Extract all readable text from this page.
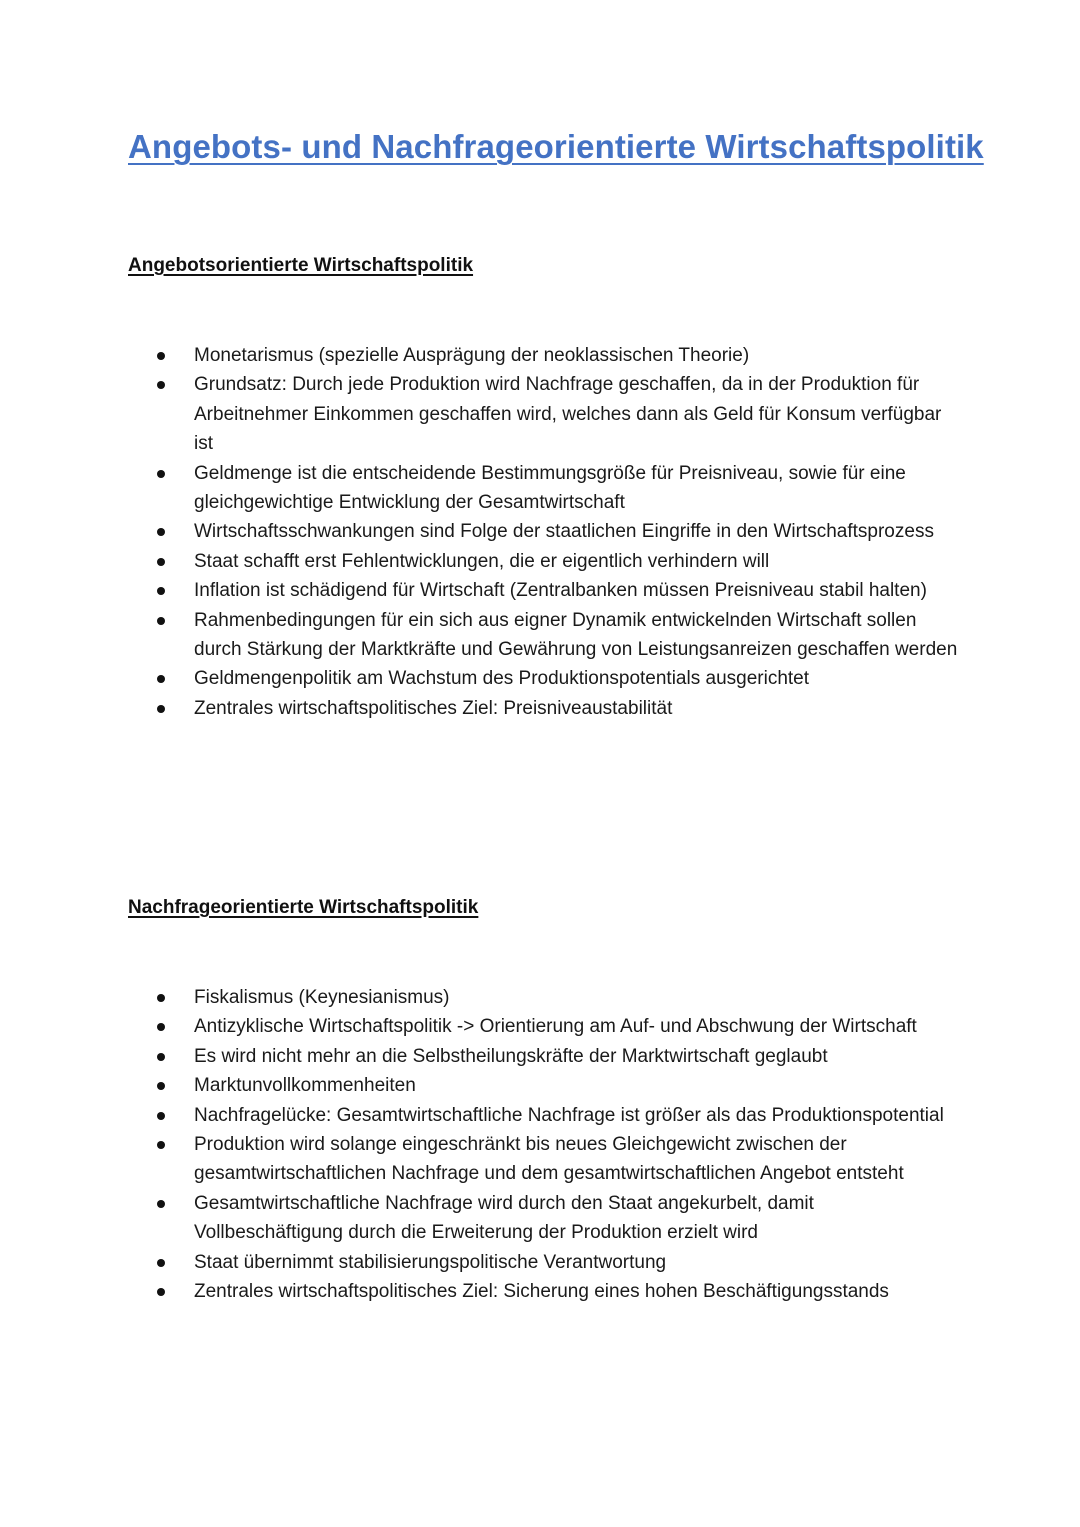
Angebots- und Nachfrageorientierte Wirtschaftspolitik
Angebotsorientierte Wirtschaftspolitik
Monetarismus (spezielle Ausprägung der neoklassischen Theorie)
Grundsatz: Durch jede Produktion wird Nachfrage geschaffen, da in der Produktion für Arbeitnehmer Einkommen geschaffen wird, welches dann als Geld für Konsum verfügbar ist
Geldmenge ist die entscheidende Bestimmungsgröße für Preisniveau, sowie für eine gleichgewichtige Entwicklung der Gesamtwirtschaft
Wirtschaftsschwankungen sind Folge der staatlichen Eingriffe in den Wirtschaftsprozess
Staat schafft erst Fehlentwicklungen, die er eigentlich verhindern will
Inflation ist schädigend für Wirtschaft (Zentralbanken müssen Preisniveau stabil halten)
Rahmenbedingungen für ein sich aus eigner Dynamik entwickelnden Wirtschaft sollen durch Stärkung der Marktkräfte und Gewährung von Leistungsanreizen geschaffen werden
Geldmengenpolitik am Wachstum des Produktionspotentials ausgerichtet
Zentrales wirtschaftspolitisches Ziel: Preisniveaustabilität
Nachfrageorientierte Wirtschaftspolitik
Fiskalismus (Keynesianismus)
Antizyklische Wirtschaftspolitik -> Orientierung am Auf- und Abschwung der Wirtschaft
Es wird nicht mehr an die Selbstheilungskräfte der Marktwirtschaft geglaubt
Marktunvollkommenheiten
Nachfragelücke: Gesamtwirtschaftliche Nachfrage ist größer als das Produktionspotential
Produktion wird solange eingeschränkt bis neues Gleichgewicht zwischen der gesamtwirtschaftlichen Nachfrage und dem gesamtwirtschaftlichen Angebot entsteht
Gesamtwirtschaftliche Nachfrage wird durch den Staat angekurbelt, damit Vollbeschäftigung durch die Erweiterung der Produktion erzielt wird
Staat übernimmt stabilisierungspolitische Verantwortung
Zentrales wirtschaftspolitisches Ziel: Sicherung eines hohen Beschäftigungsstands
